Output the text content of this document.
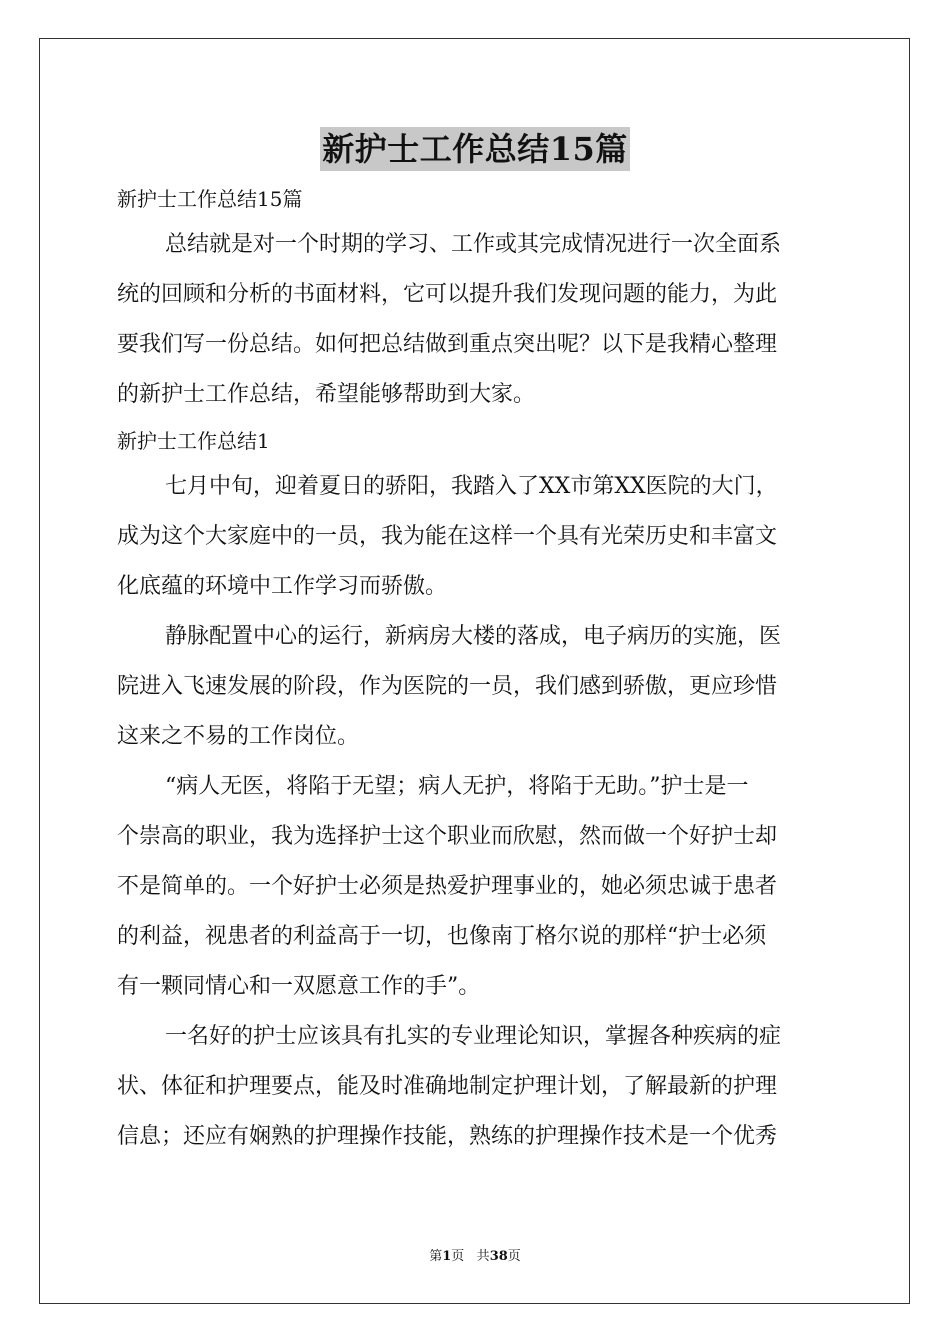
新护士工作总结15篇

新护士工作总结15篇

总结就是对一个时期的学习、工作或其完成情况进行一次全面系

统的回顾和分析的书面材料，它可以提升我们发现问题的能力，为此

要我们写一份总结。如何把总结做到重点突出呢？以下是我精心整理

的新护士工作总结，希望能够帮助到大家。

新护士工作总结1

七月中旬，迎着夏日的骄阳，我踏入了XX市第XX医院的大门，

成为这个大家庭中的一员，我为能在这样一个具有光荣历史和丰富文

化底蕴的环境中工作学习而骄傲。

静脉配置中心的运行，新病房大楼的落成，电子病历的实施，医

院进入飞速发展的阶段，作为医院的一员，我们感到骄傲，更应珍惜

这来之不易的工作岗位。

“病人无医，将陷于无望；病人无护，将陷于无助。”护士是一

个崇高的职业，我为选择护士这个职业而欣慰，然而做一个好护士却

不是简单的。一个好护士必须是热爱护理事业的，她必须忠诚于患者

的利益，视患者的利益高于一切，也像南丁格尔说的那样“护士必须

有一颗同情心和一双愿意工作的手”。

一名好的护士应该具有扎实的专业理论知识，掌握各种疾病的症

状、体征和护理要点，能及时准确地制定护理计划，了解最新的护理

信息；还应有娴熟的护理操作技能，熟练的护理操作技术是一个优秀

第1页 共38页
